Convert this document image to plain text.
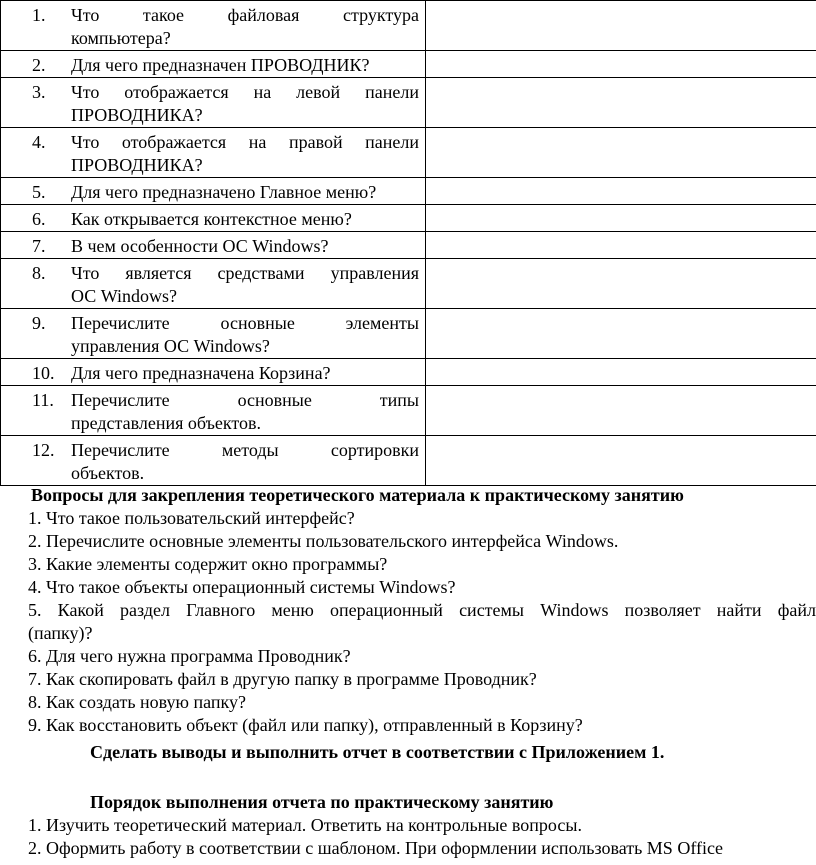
1. Что такое файловая структура
компьютера?	

2. Для чего предназначен ПРОВОДНИК?	

3. Что отображается на левой панели
ПРОВОДНИКА?	

4. Что отображается на правой панели
ПРОВОДНИКА?	

5. Для чего предназначено Главное меню?	

6. Как открывается контекстное меню?	

7. В чем особенности ОС Windows?	

8. Что является средствами управления
ОС Windows?	

9. Перечислите основные элементы
управления ОС Windows?	

10. Для чего предназначена Корзина?	

11. Перечислите основные типы
представления объектов.	

12. Перечислите методы сортировки
объектов.	

Вопросы для закрепления теоретического материала к практическому занятию
1. Что такое пользовательский интерфейс?
2. Перечислите основные элементы пользовательского интерфейса Windows.
3. Какие элементы содержит окно программы?
4. Что такое объекты операционный системы Windows?
5. Какой раздел Главного меню операционный системы Windows позволяет найти файл
(папку)?
6. Для чего нужна программа Проводник?
7. Как скопировать файл в другую папку в программе Проводник?
8. Как создать новую папку?
9. Как восстановить объект (файл или папку), отправленный в Корзину?
Сделать выводы и выполнить отчет в соответствии с Приложением 1.
Порядок выполнения отчета по практическому занятию
1. Изучить теоретический материал. Ответить на контрольные вопросы.
2. Оформить работу в соответствии с шаблоном. При оформлении использовать MS Office
